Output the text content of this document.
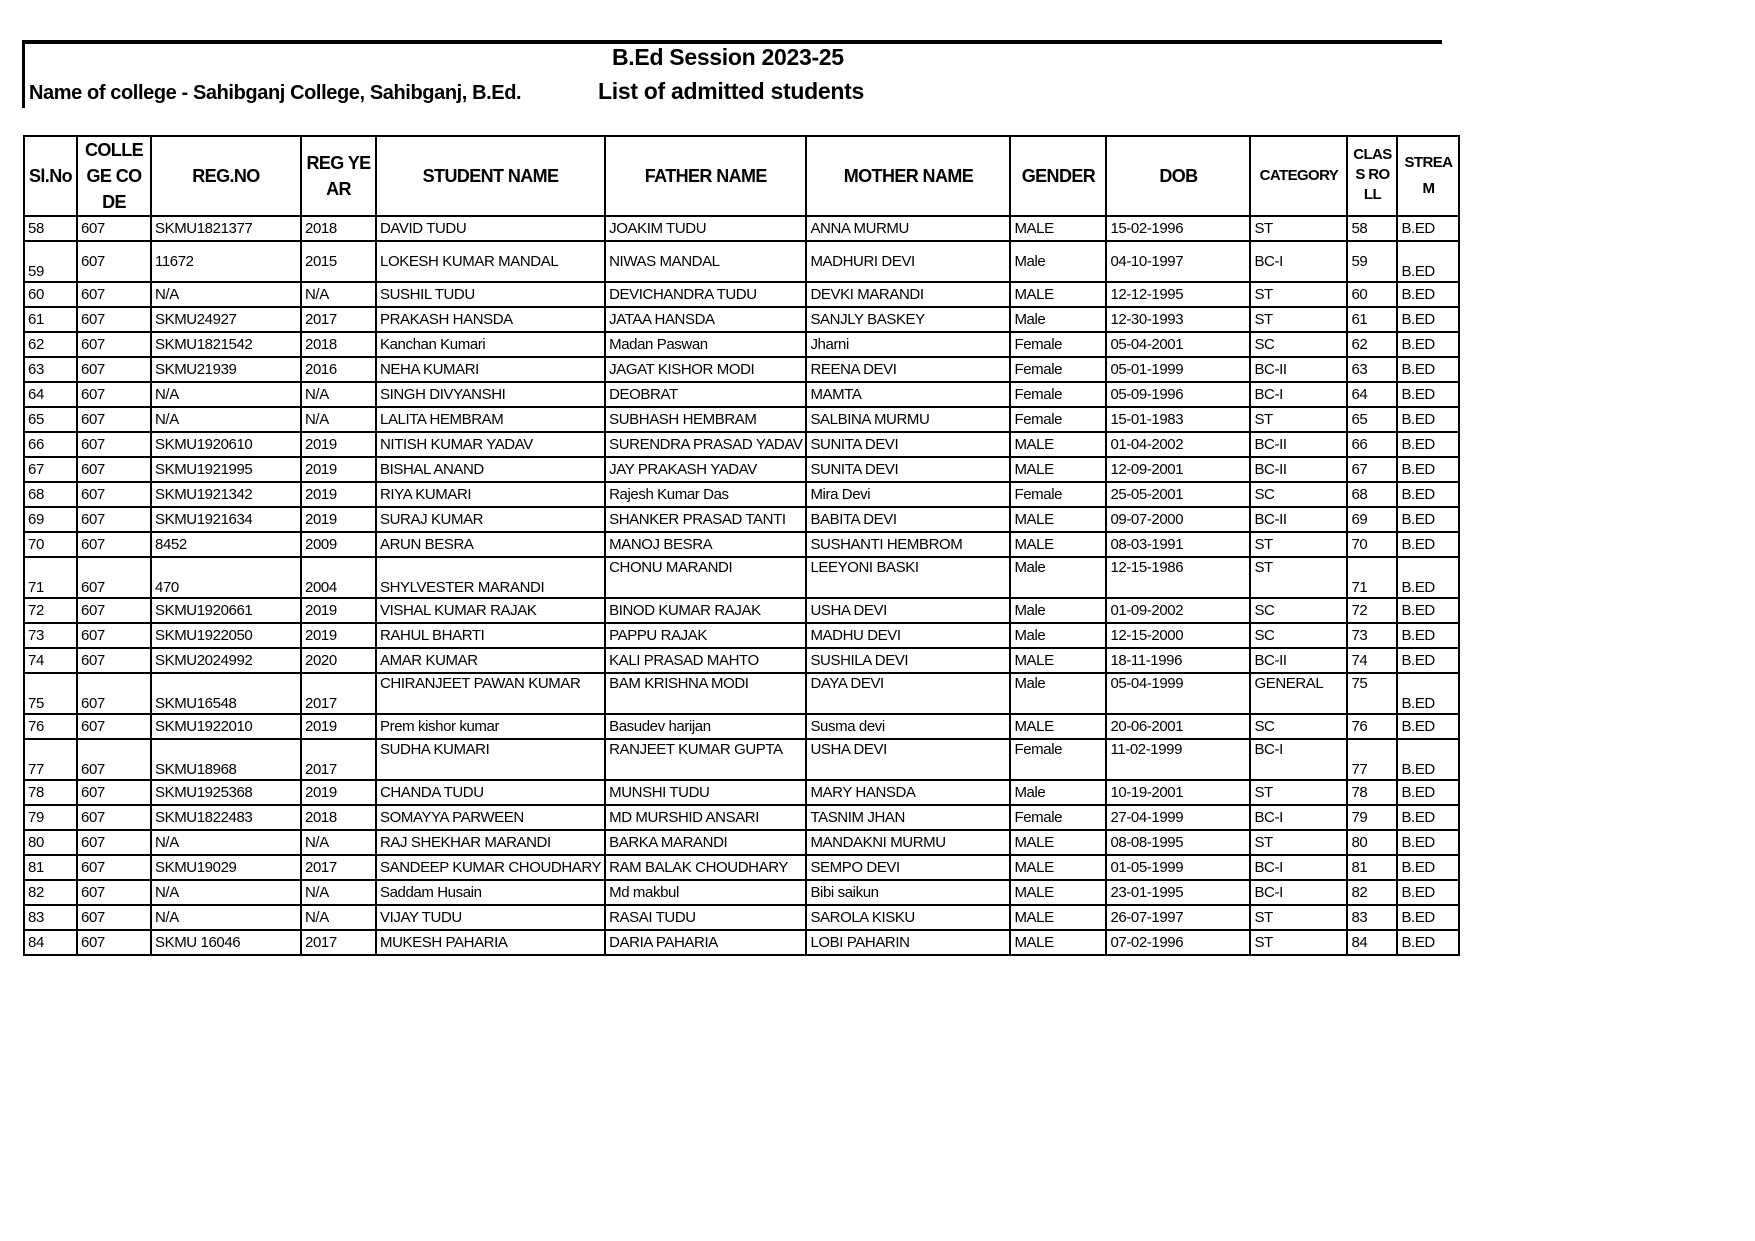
B.Ed Session 2023-25
Name of college - Sahibganj College, Sahibganj, B.Ed.	List of admitted students
Sl.No	COLLEGE CODE	REG.NO	REG YEAR	STUDENT NAME	FATHER NAME	MOTHER NAME	GENDER	DOB	CATEGORY	CLASS ROLL	STREAM
58	607	SKMU1821377	2018	DAVID TUDU	JOAKIM TUDU	ANNA MURMU	MALE	15-02-1996	ST	58	B.ED
59	607	11672	2015	LOKESH KUMAR MANDAL	NIWAS MANDAL	MADHURI DEVI	Male	04-10-1997	BC-I	59	B.ED
60	607	N/A	N/A	SUSHIL TUDU	DEVICHANDRA TUDU	DEVKI MARANDI	MALE	12-12-1995	ST	60	B.ED
61	607	SKMU24927	2017	PRAKASH HANSDA	JATAA HANSDA	SANJLY BASKEY	Male	12-30-1993	ST	61	B.ED
62	607	SKMU1821542	2018	Kanchan Kumari	Madan Paswan	Jharni	Female	05-04-2001	SC	62	B.ED
63	607	SKMU21939	2016	NEHA KUMARI	JAGAT KISHOR MODI	REENA DEVI	Female	05-01-1999	BC-II	63	B.ED
64	607	N/A	N/A	SINGH DIVYANSHI	DEOBRAT	MAMTA	Female	05-09-1996	BC-I	64	B.ED
65	607	N/A	N/A	LALITA HEMBRAM	SUBHASH HEMBRAM	SALBINA MURMU	Female	15-01-1983	ST	65	B.ED
66	607	SKMU1920610	2019	NITISH KUMAR YADAV	SURENDRA PRASAD YADAV	SUNITA DEVI	MALE	01-04-2002	BC-II	66	B.ED
67	607	SKMU1921995	2019	BISHAL ANAND	JAY PRAKASH YADAV	SUNITA DEVI	MALE	12-09-2001	BC-II	67	B.ED
68	607	SKMU1921342	2019	RIYA KUMARI	Rajesh Kumar Das	Mira Devi	Female	25-05-2001	SC	68	B.ED
69	607	SKMU1921634	2019	SURAJ KUMAR	SHANKER PRASAD TANTI	BABITA DEVI	MALE	09-07-2000	BC-II	69	B.ED
70	607	8452	2009	ARUN BESRA	MANOJ BESRA	SUSHANTI HEMBROM	MALE	08-03-1991	ST	70	B.ED
71	607	470	2004	SHYLVESTER MARANDI	CHONU MARANDI	LEEYONI BASKI	Male	12-15-1986	ST	71	B.ED
72	607	SKMU1920661	2019	VISHAL KUMAR RAJAK	BINOD KUMAR RAJAK	USHA DEVI	Male	01-09-2002	SC	72	B.ED
73	607	SKMU1922050	2019	RAHUL BHARTI	PAPPU RAJAK	MADHU DEVI	Male	12-15-2000	SC	73	B.ED
74	607	SKMU2024992	2020	AMAR KUMAR	KALI PRASAD MAHTO	SUSHILA DEVI	MALE	18-11-1996	BC-II	74	B.ED
75	607	SKMU16548	2017	CHIRANJEET PAWAN KUMAR	BAM KRISHNA MODI	DAYA DEVI	Male	05-04-1999	GENERAL	75	B.ED
76	607	SKMU1922010	2019	Prem kishor kumar	Basudev harijan	Susma devi	MALE	20-06-2001	SC	76	B.ED
77	607	SKMU18968	2017	SUDHA KUMARI	RANJEET KUMAR GUPTA	USHA DEVI	Female	11-02-1999	BC-I	77	B.ED
78	607	SKMU1925368	2019	CHANDA TUDU	MUNSHI TUDU	MARY HANSDA	Male	10-19-2001	ST	78	B.ED
79	607	SKMU1822483	2018	SOMAYYA PARWEEN	MD MURSHID ANSARI	TASNIM JHAN	Female	27-04-1999	BC-I	79	B.ED
80	607	N/A	N/A	RAJ SHEKHAR MARANDI	BARKA MARANDI	MANDAKNI MURMU	MALE	08-08-1995	ST	80	B.ED
81	607	SKMU19029	2017	SANDEEP KUMAR CHOUDHARY	RAM BALAK CHOUDHARY	SEMPO DEVI	MALE	01-05-1999	BC-I	81	B.ED
82	607	N/A	N/A	Saddam Husain	Md makbul	Bibi saikun	MALE	23-01-1995	BC-I	82	B.ED
83	607	N/A	N/A	VIJAY TUDU	RASAI TUDU	SAROLA KISKU	MALE	26-07-1997	ST	83	B.ED
84	607	SKMU 16046	2017	MUKESH PAHARIA	DARIA PAHARIA	LOBI PAHARIN	MALE	07-02-1996	ST	84	B.ED
